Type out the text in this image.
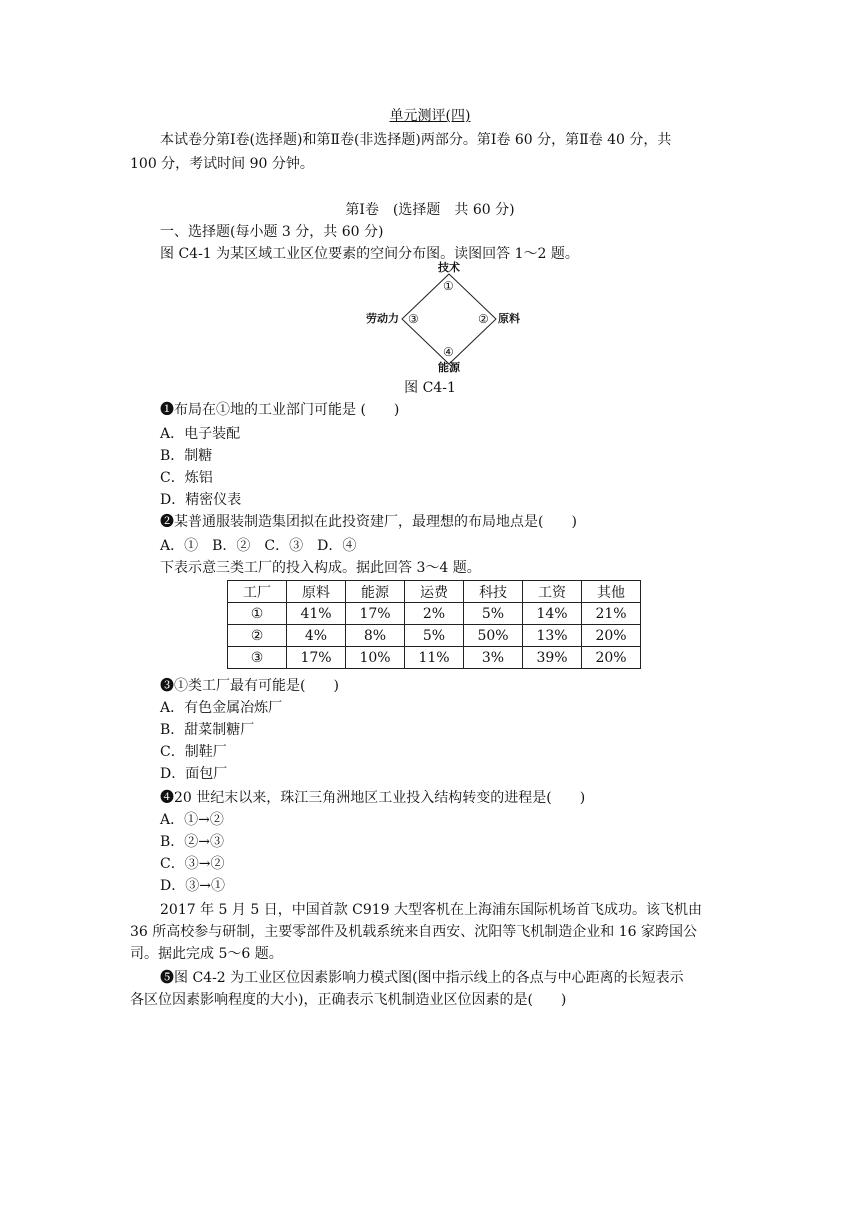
单元测评(四)
本试卷分第Ⅰ卷(选择题)和第Ⅱ卷(非选择题)两部分。第Ⅰ卷 60 分，第Ⅱ卷 40 分，共
100 分，考试时间 90 分钟。
第Ⅰ卷　(选择题　共 60 分)
一、选择题(每小题 3 分，共 60 分)
图 C4-1 为某区域工业区位要素的空间分布图。读图回答 1～2 题。
技术
①
劳动力 ③	② 原料
④
能源
图 C4-1
❶布局在①地的工业部门可能是 (　　)
A．电子装配
B．制糖
C．炼铝
D．精密仪表
❷某普通服装制造集团拟在此投资建厂，最理想的布局地点是(　　)
A．①　B．②　C．③　D．④
下表示意三类工厂的投入构成。据此回答 3～4 题。
工厂	原料	能源	运费	科技	工资	其他
①	41%	17%	2%	5%	14%	21%
②	4%	8%	5%	50%	13%	20%
③	17%	10%	11%	3%	39%	20%
❸①类工厂最有可能是(　　)
A．有色金属冶炼厂
B．甜菜制糖厂
C．制鞋厂
D．面包厂
❹20 世纪末以来，珠江三角洲地区工业投入结构转变的进程是(　　)
A．①→②
B．②→③
C．③→②
D．③→①
2017 年 5 月 5 日，中国首款 C919 大型客机在上海浦东国际机场首飞成功。该飞机由
36 所高校参与研制，主要零部件及机载系统来自西安、沈阳等飞机制造企业和 16 家跨国公
司。据此完成 5～6 题。
❺图 C4-2 为工业区位因素影响力模式图(图中指示线上的各点与中心距离的长短表示
各区位因素影响程度的大小)，正确表示飞机制造业区位因素的是(　　)
